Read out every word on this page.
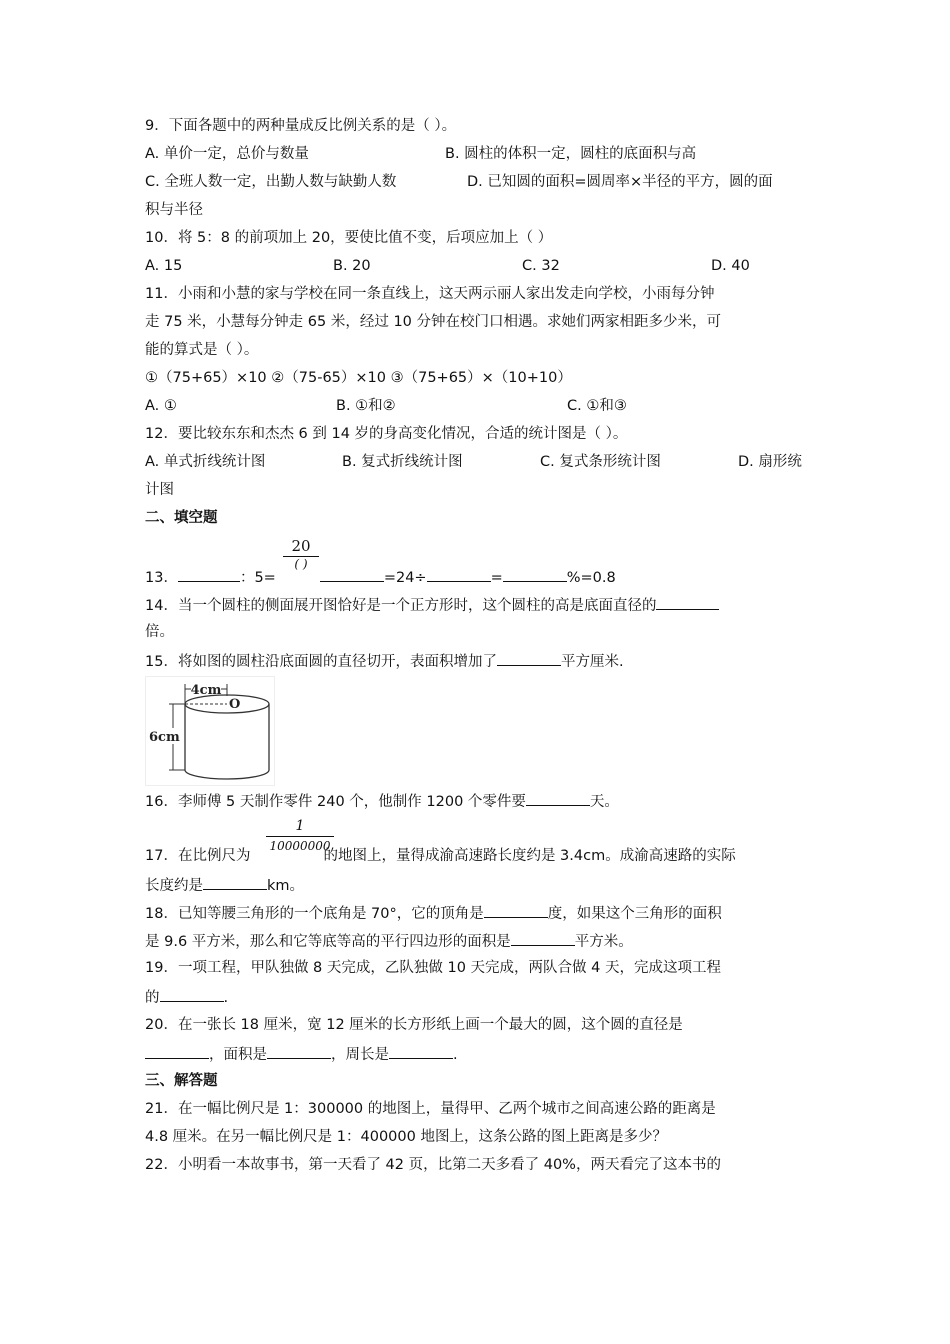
9．下面各题中的两种量成反比例关系的是（ ）。
A. 单价一定，总价与数量	B. 圆柱的体积一定，圆柱的底面积与高
C. 全班人数一定，出勤人数与缺勤人数	D. 已知圆的面积=圆周率×半径的平方，圆的面
积与半径
10．将 5：8 的前项加上 20，要使比值不变，后项应加上（ ）
A. 15	B. 20	C. 32	D. 40
11．小雨和小慧的家与学校在同一条直线上，这天两示丽人家出发走向学校，小雨每分钟
走 75 米，小慧每分钟走 65 米，经过 10 分钟在校门口相遇。求她们两家相距多少米，可
能的算式是（ ）。
①（75+65）×10 ②（75-65）×10 ③（75+65）×（10+10）
A. ①	B. ①和②	C. ①和③
12．要比较东东和杰杰 6 到 14 岁的身高变化情况，合适的统计图是（ ）。
A. 单式折线统计图	B. 复式折线统计图	C. 复式条形统计图	D. 扇形统
计图
二、填空题
20
( )
13．	：5=	=24÷	=	%=0.8
14．当一个圆柱的侧面展开图恰好是一个正方形时，这个圆柱的高是底面直径的
倍。
15．将如图的圆柱沿底面圆的直径切开，表面积增加了	平方厘米.
4cm
O
6cm
16．李师傅 5 天制作零件 240 个，他制作 1200 个零件要	天。
$\frac{1}{10000000}$
17．在比例尺为	的地图上，量得成渝高速路长度约是 3.4cm。成渝高速路的实际
长度约是	km。
18．已知等腰三角形的一个底角是 70°，它的顶角是	度，如果这个三角形的面积
是 9.6 平方米，那么和它等底等高的平行四边形的面积是	平方米。
19．一项工程，甲队独做 8 天完成，乙队独做 10 天完成，两队合做 4 天，完成这项工程
的	.
20．在一张长 18 厘米，宽 12 厘米的长方形纸上画一个最大的圆，这个圆的直径是
，面积是	，周长是	.
三、解答题
21．在一幅比例尺是 1：300000 的地图上，量得甲、乙两个城市之间高速公路的距离是
4.8 厘米。在另一幅比例尺是 1：400000 地图上，这条公路的图上距离是多少？
22．小明看一本故事书，第一天看了 42 页，比第二天多看了 40%，两天看完了这本书的
